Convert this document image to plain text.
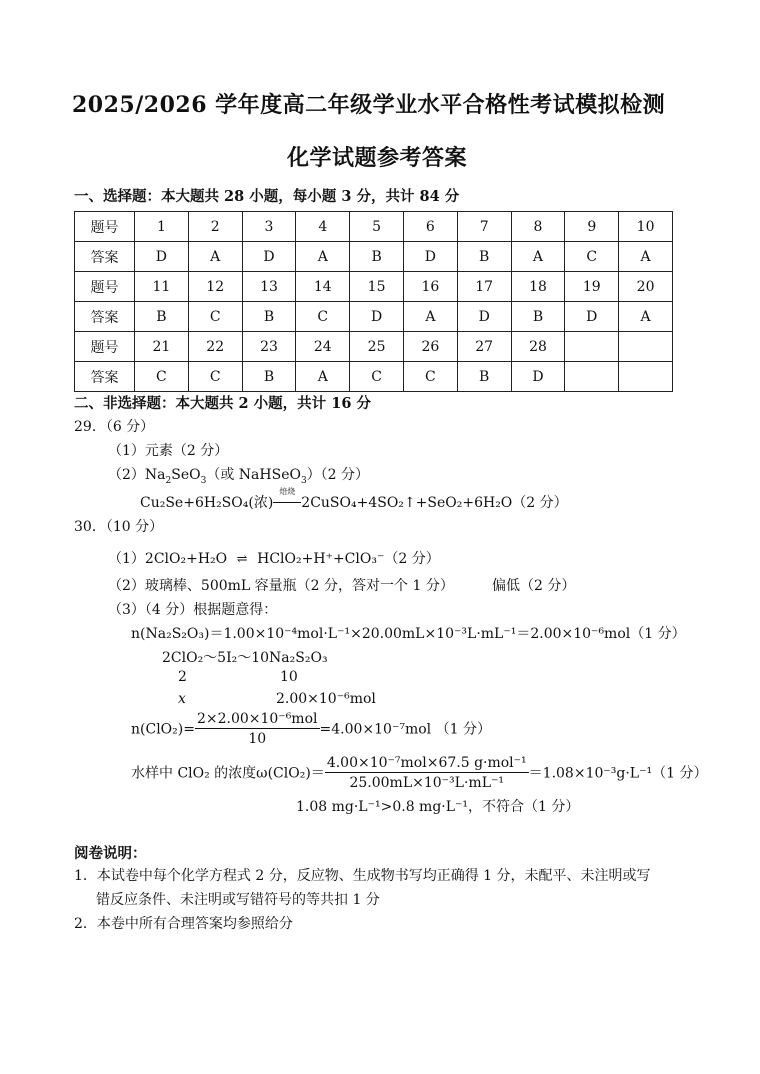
2025/2026 学年度高二年级学业水平合格性考试模拟检测
化学试题参考答案
一、选择题：本大题共 28 小题，每小题 3 分，共计 84 分
题号	1	2	3	4	5	6	7	8	9	10
答案	D	A	D	A	B	D	B	A	C	A
题号	11	12	13	14	15	16	17	18	19	20
答案	B	C	B	C	D	A	D	B	D	A
题号	21	22	23	24	25	26	27	28		
答案	C	C	B	A	C	C	B	D		
二、非选择题：本大题共 2 小题，共计 16 分
29．（6 分）
（1）元素（2 分）
$(2)Na_2SeO_3$（或 NaHSeO$_3$）（2 分）
Cu₂Se+6H₂SO₄(浓)
焙烧
2CuSO₄+4SO₂↑+SeO₂+6H₂O（2 分）
30．（10 分）
（1）2ClO₂+H₂O ⇌ HClO₂+H⁺+ClO₃⁻（2 分）
（2）玻璃棒、500mL 容量瓶（2 分，答对一个 1 分）	偏低（2 分）
（3）（4 分）根据题意得：
n(Na₂S₂O₃)＝1.00×10⁻⁴mol·L⁻¹×20.00mL×10⁻³L·mL⁻¹＝2.00×10⁻⁶mol（1 分）
2ClO₂～5I₂～10Na₂S₂O₃
2	10
x	2.00×10⁻⁶mol
$n(ClO_2)= \frac{\text{2×2.00×10⁻⁶mol}}{10} =4.00\times 10^{-7}mol$ （1 分）
水样中 ClO₂ 的浓度$\omega(ClO_2)= \frac{\text{4.00×10⁻⁷mol×67.5 g·mol⁻¹}}{\text{25.00mL×10⁻³L·mL⁻¹}} =1.08\times 10^{-3}g\cdot L^{-1}(1$ 分）
1.08 mg·L⁻¹>0.8 mg·L⁻¹，不符合（1 分）
阅卷说明：
1．本试卷中每个化学方程式 2 分，反应物、生成物书写均正确得 1 分，未配平、未注明或写
错反应条件、未注明或写错符号的等共扣 1 分
2．本卷中所有合理答案均参照给分
